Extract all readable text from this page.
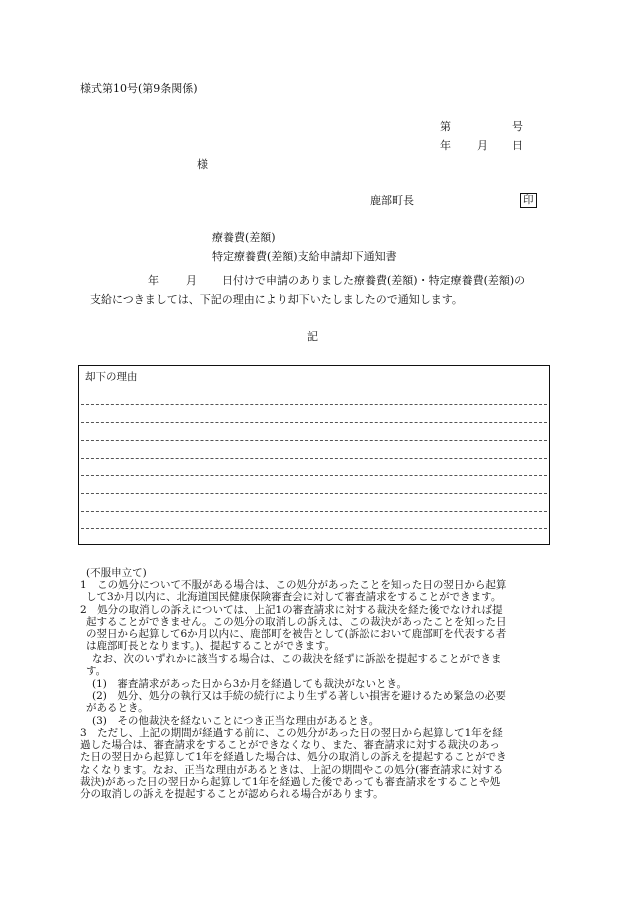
様式第10号(第9条関係)
第	号
年 月 日
様
鹿部町長	印
療養費(差額)
特定療養費(差額)支給申請却下通知書
年 月 日付けで申請のありました療養費(差額)・特定療養費(差額)の
支給につきましては、下記の理由により却下いたしましたので通知します。
記
却下の理由
(不服申立て)
1　この処分について不服がある場合は、この処分があったことを知った日の翌日から起算
して3か月以内に、北海道国民健康保険審査会に対して審査請求をすることができます。
2　処分の取消しの訴えについては、上記1の審査請求に対する裁決を経た後でなければ提
起することができません。この処分の取消しの訴えは、この裁決があったことを知った日
の翌日から起算して6か月以内に、鹿部町を被告として(訴訟において鹿部町を代表する者
は鹿部町長となります。)、提起することができます。
なお、次のいずれかに該当する場合は、この裁決を経ずに訴訟を提起することができま
す。
(1)　審査請求があった日から3か月を経過しても裁決がないとき。
(2)　処分、処分の執行又は手続の続行により生ずる著しい損害を避けるため緊急の必要
があるとき。
(3)　その他裁決を経ないことにつき正当な理由があるとき。
3　ただし、上記の期間が経過する前に、この処分があった日の翌日から起算して1年を経
過した場合は、審査請求をすることができなくなり、また、審査請求に対する裁決のあっ
た日の翌日から起算して1年を経過した場合は、処分の取消しの訴えを提起することができ
なくなります。なお、正当な理由があるときは、上記の期間やこの処分(審査請求に対する
裁決)があった日の翌日から起算して1年を経過した後であっても審査請求をすることや処
分の取消しの訴えを提起することが認められる場合があります。
